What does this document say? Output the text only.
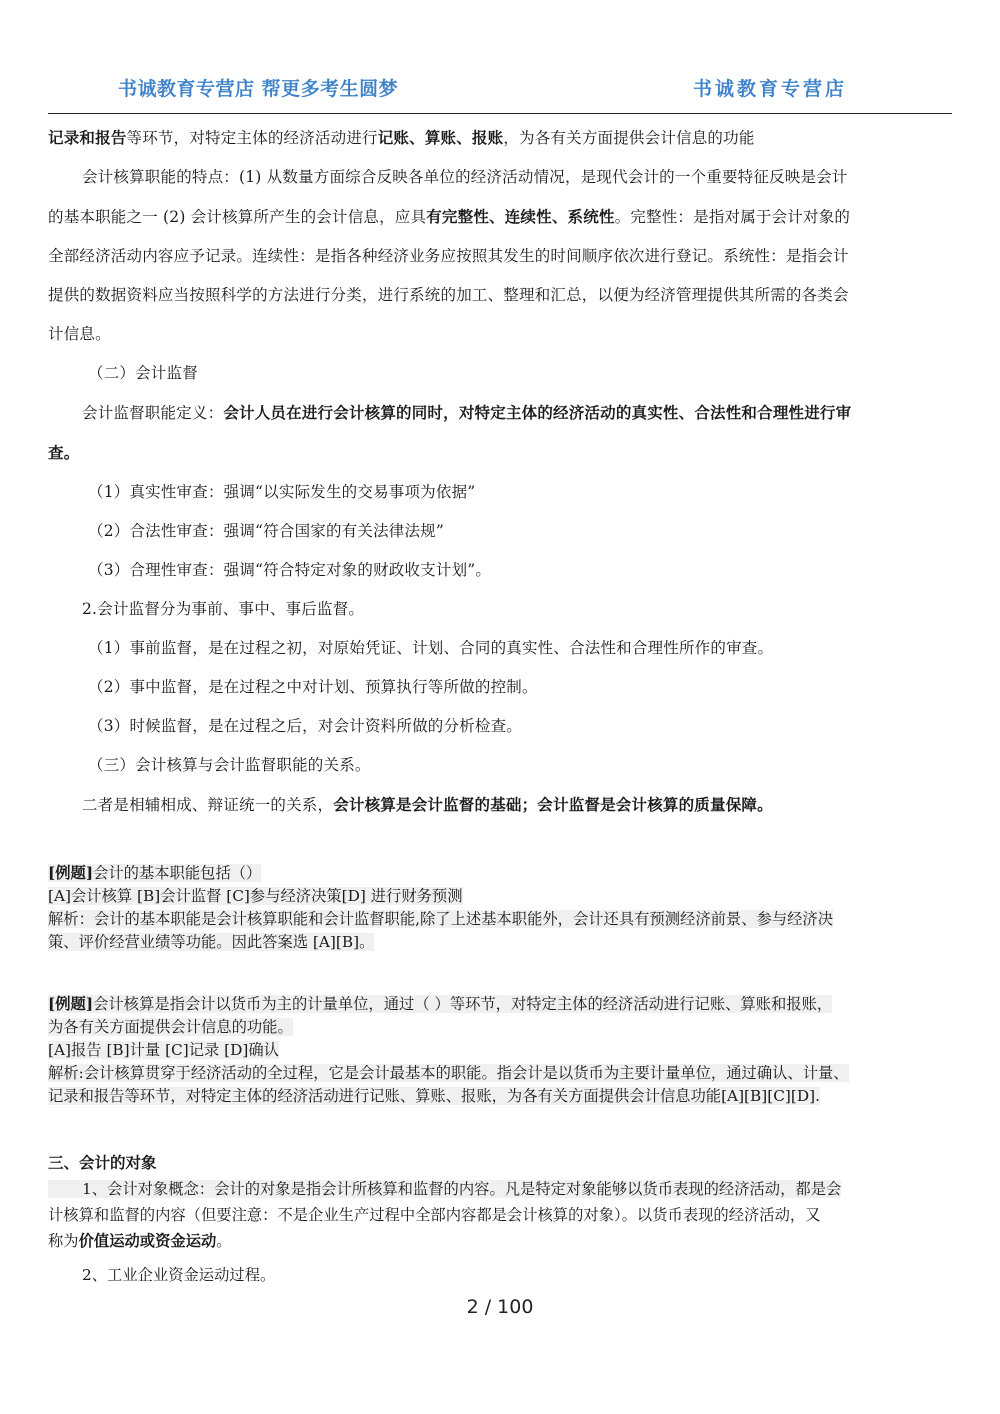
书诚教育专营店 帮更多考生圆梦	书诚教育专营店

记录和报告等环节，对特定主体的经济活动进行记账、算账、报账，为各有关方面提供会计信息的功能

会计核算职能的特点：(1) 从数量方面综合反映各单位的经济活动情况，是现代会计的一个重要特征反映是会计

的基本职能之一 (2) 会计核算所产生的会计信息，应具有完整性、连续性、系统性。完整性：是指对属于会计对象的

全部经济活动内容应予记录。连续性：是指各种经济业务应按照其发生的时间顺序依次进行登记。系统性：是指会计

提供的数据资料应当按照科学的方法进行分类，进行系统的加工、整理和汇总，以便为经济管理提供其所需的各类会

计信息。

（二）会计监督

会计监督职能定义：会计人员在进行会计核算的同时，对特定主体的经济活动的真实性、合法性和合理性进行审

查。

（1）真实性审查：强调“以实际发生的交易事项为依据”

（2）合法性审查：强调“符合国家的有关法律法规”

（3）合理性审查：强调“符合特定对象的财政收支计划”。

2.会计监督分为事前、事中、事后监督。

（1）事前监督，是在过程之初，对原始凭证、计划、合同的真实性、合法性和合理性所作的审查。

（2）事中监督，是在过程之中对计划、预算执行等所做的控制。

（3）时候监督，是在过程之后，对会计资料所做的分析检查。

（三）会计核算与会计监督职能的关系。

二者是相辅相成、辩证统一的关系，会计核算是会计监督的基础；会计监督是会计核算的质量保障。

[例题]会计的基本职能包括（）
[A]会计核算 [B]会计监督 [C]参与经济决策[D] 进行财务预测
解析：会计的基本职能是会计核算职能和会计监督职能,除了上述基本职能外，会计还具有预测经济前景、参与经济决
策、评价经营业绩等功能。因此答案选 [A][B]。
[例题]会计核算是指会计以货币为主的计量单位，通过（ ）等环节，对特定主体的经济活动进行记账、算账和报账，
为各有关方面提供会计信息的功能。
[A]报告 [B]计量 [C]记录 [D]确认
解析:会计核算贯穿于经济活动的全过程，它是会计最基本的职能。指会计是以货币为主要计量单位，通过确认、计量、
记录和报告等环节，对特定主体的经济活动进行记账、算账、报账，为各有关方面提供会计信息功能[A][B][C][D].
三、会计的对象
1、会计对象概念：会计的对象是指会计所核算和监督的内容。凡是特定对象能够以货币表现的经济活动，都是会
计核算和监督的内容（但要注意：不是企业生产过程中全部内容都是会计核算的对象）。以货币表现的经济活动，又
称为价值运动或资金运动。
2、工业企业资金运动过程。
2 / 100
